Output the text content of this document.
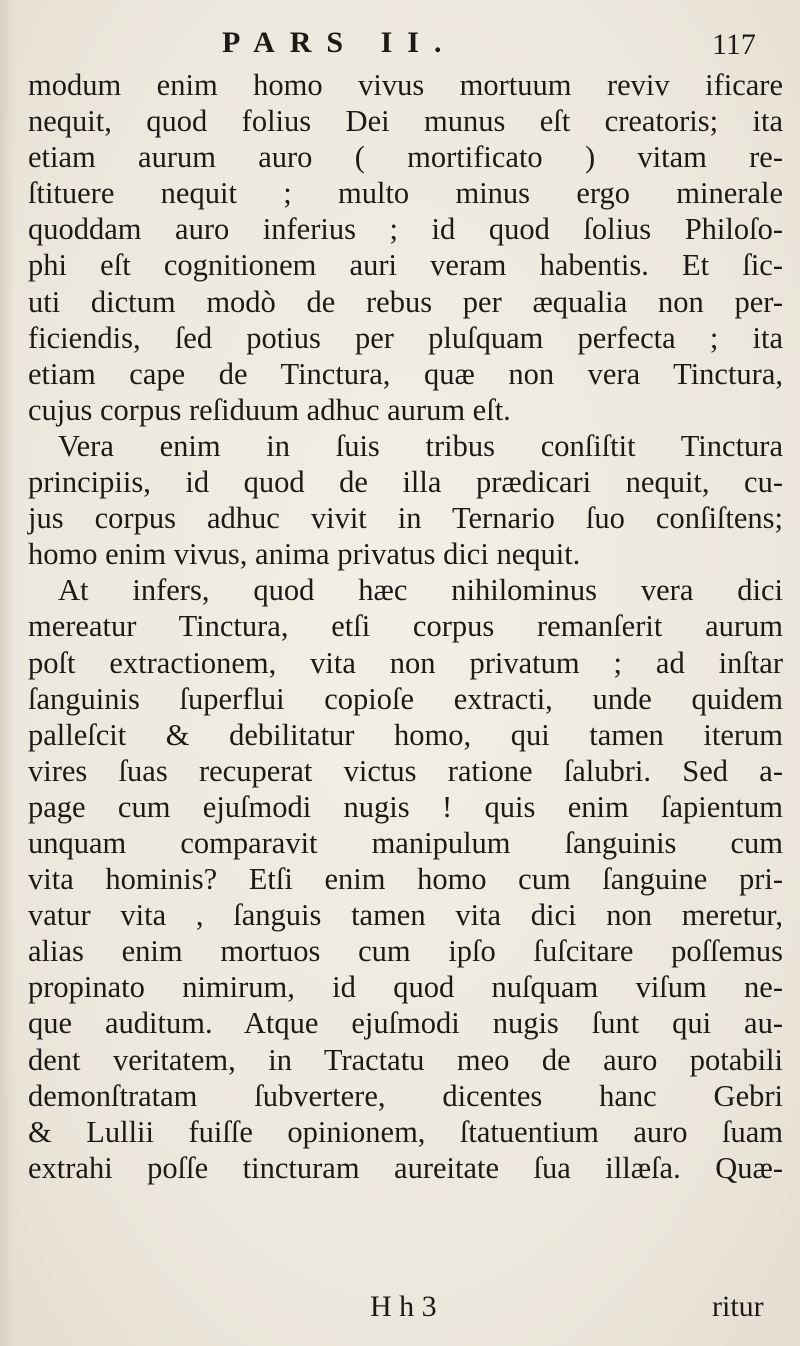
PARS II.	117
modum enim homo vivus mortuum reviv ificare
nequit, quod folius Dei munus eſt creatoris; ita
etiam aurum auro ( mortificato ) vitam re-
ſtituere nequit ; multo minus ergo minerale
quoddam auro inferius ; id quod ſolius Philoſo-
phi eſt cognitionem auri veram habentis. Et ſic-
uti dictum modò de rebus per æqualia non per-
ficiendis, ſed potius per pluſquam perfecta ; ita
etiam cape de Tinctura, quæ non vera Tinctura,
cujus corpus reſiduum adhuc aurum eſt.
Vera enim in ſuis tribus conſiſtit Tinctura
principiis, id quod de illa prædicari nequit, cu-
jus corpus adhuc vivit in Ternario ſuo conſiſtens;
homo enim vivus, anima privatus dici nequit.
At infers, quod hæc nihilominus vera dici
mereatur Tinctura, etſi corpus remanſerit aurum
poſt extractionem, vita non privatum ; ad inſtar
ſanguinis ſuperflui copioſe extracti, unde quidem
palleſcit & debilitatur homo, qui tamen iterum
vires ſuas recuperat victus ratione ſalubri. Sed a-
page cum ejuſmodi nugis ! quis enim ſapientum
unquam comparavit manipulum ſanguinis cum
vita hominis? Etſi enim homo cum ſanguine pri-
vatur vita , ſanguis tamen vita dici non meretur,
alias enim mortuos cum ipſo ſuſcitare poſſemus
propinato nimirum, id quod nuſquam viſum ne-
que auditum. Atque ejuſmodi nugis ſunt qui au-
dent veritatem, in Tractatu meo de auro potabili
demonſtratam ſubvertere, dicentes hanc Gebri
& Lullii fuiſſe opinionem, ſtatuentium auro ſuam
extrahi poſſe tincturam aureitate ſua illæſa. Quæ-
H h 3	ritur
